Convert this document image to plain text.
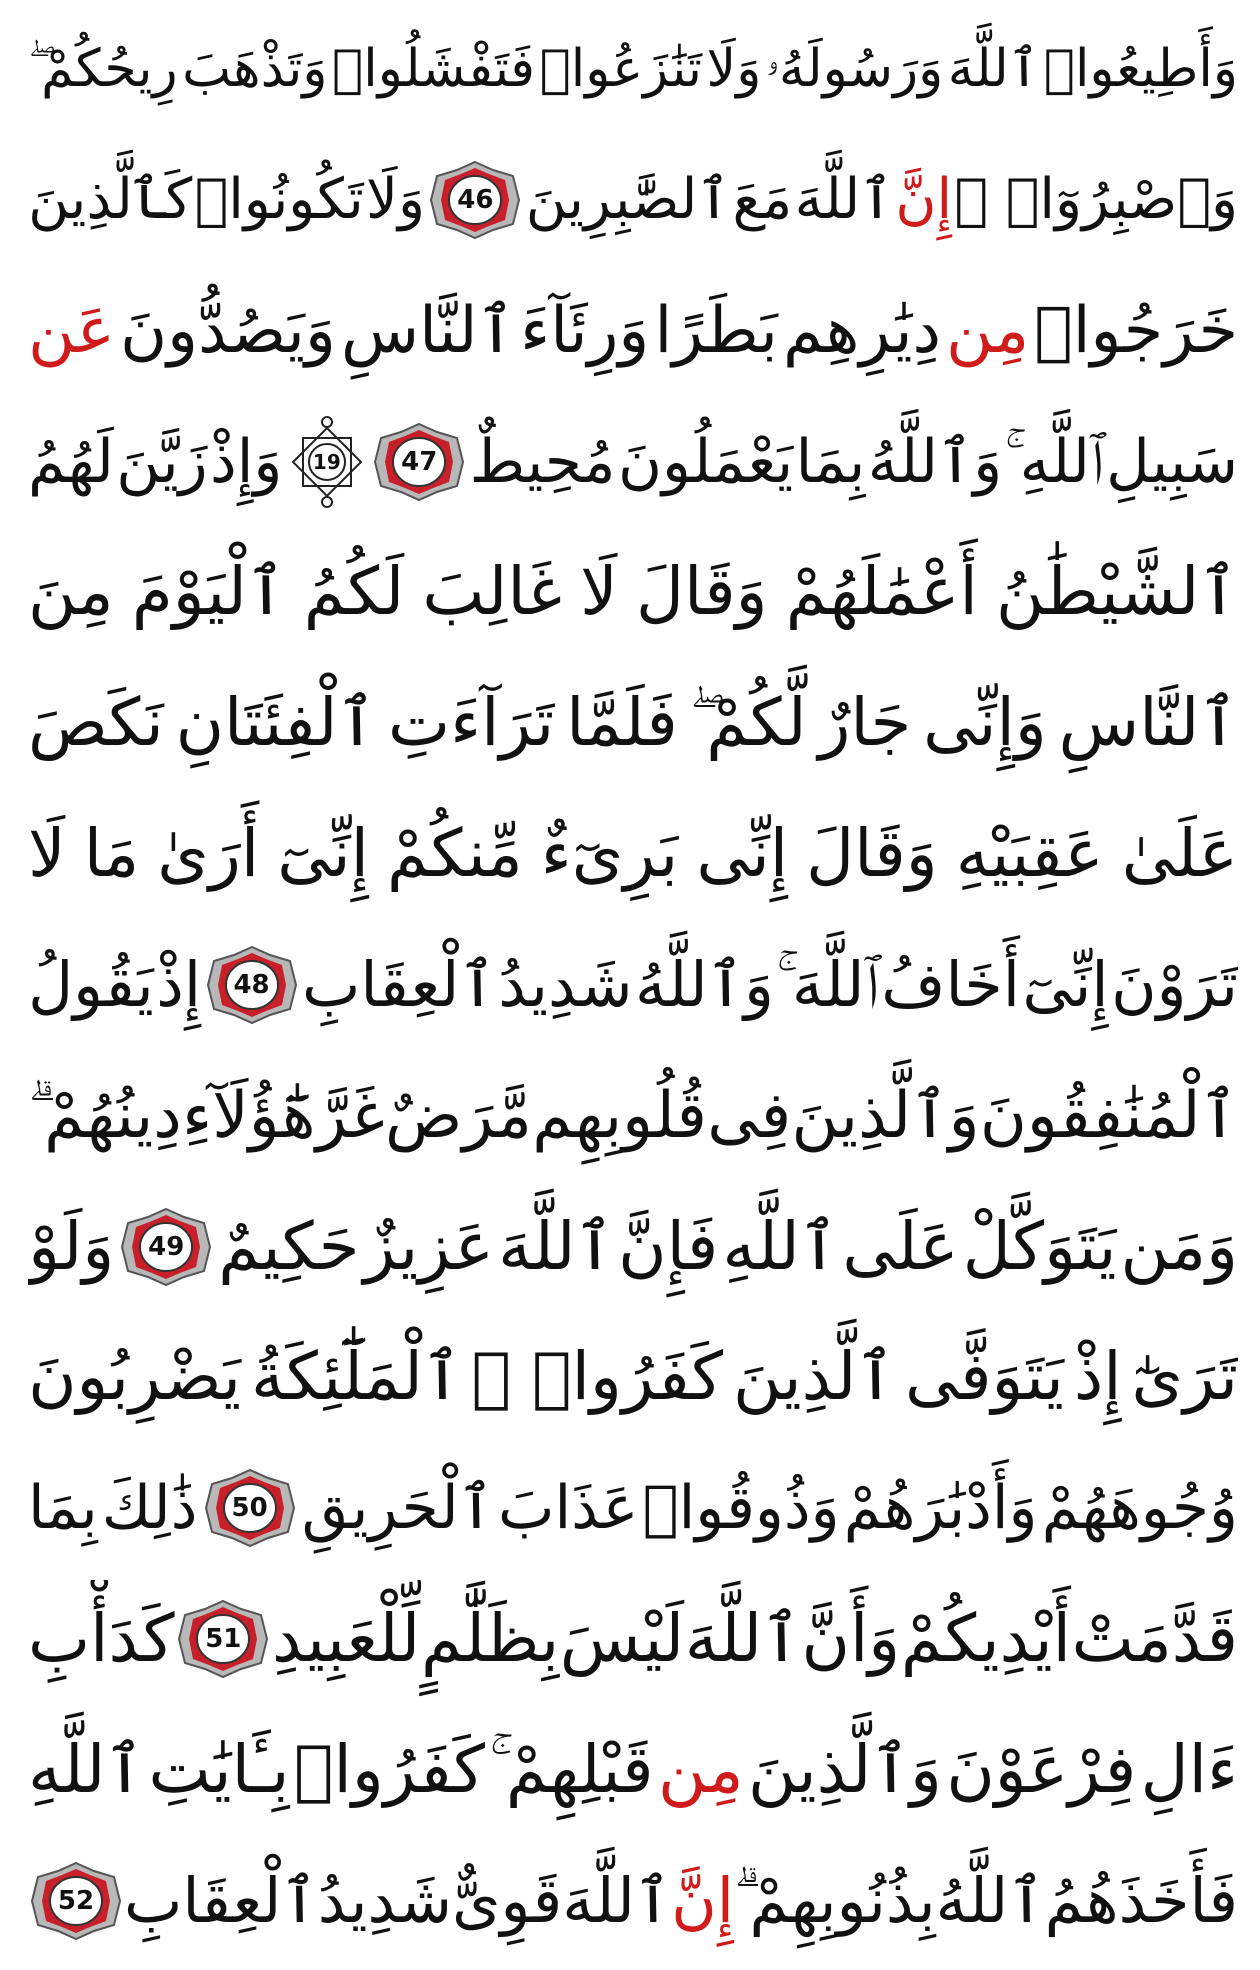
وَأَطِيعُوا۟
ٱللَّهَ
وَرَسُولَهُۥ
وَلَا
تَنَٰزَعُوا۟
فَتَفْشَلُوا۟
وَتَذْهَبَ
رِيحُكُمْ ۖ
وَٱصْبِرُوٓا۟ ۚ
إِنَّ
ٱللَّهَ
مَعَ
ٱلصَّٰبِرِينَ
46
وَلَا
تَكُونُوا۟
كَٱلَّذِينَ
خَرَجُوا۟
مِن
دِيَٰرِهِم
بَطَرًا
وَرِئَآءَ
ٱلنَّاسِ
وَيَصُدُّونَ
عَن
سَبِيلِ
ٱللَّهِ ۚ
وَٱللَّهُ
بِمَا
يَعْمَلُونَ
مُحِيطٌ
47
19
وَإِذْ
زَيَّنَ
لَهُمُ
ٱلشَّيْطَٰنُ
أَعْمَٰلَهُمْ
وَقَالَ
لَا
غَالِبَ
لَكُمُ
ٱلْيَوْمَ
مِنَ
ٱلنَّاسِ
وَإِنِّى
جَارٌ
لَّكُمْ ۖ
فَلَمَّا
تَرَآءَتِ
ٱلْفِئَتَانِ
نَكَصَ
عَلَىٰ
عَقِبَيْهِ
وَقَالَ
إِنِّى
بَرِىٓءٌ
مِّنكُمْ
إِنِّىٓ
أَرَىٰ
مَا
لَا
تَرَوْنَ
إِنِّىٓ
أَخَافُ
ٱللَّهَ ۚ
وَٱللَّهُ
شَدِيدُ
ٱلْعِقَابِ
48
إِذْ
يَقُولُ
ٱلْمُنَٰفِقُونَ
وَٱلَّذِينَ
فِى
قُلُوبِهِم
مَّرَضٌ
غَرَّ
هَٰٓؤُلَآءِ
دِينُهُمْ ۗ
وَمَن
يَتَوَكَّلْ
عَلَى
ٱللَّهِ
فَإِنَّ
ٱللَّهَ
عَزِيزٌ
حَكِيمٌ
49
وَلَوْ
تَرَىٰٓ
إِذْ
يَتَوَفَّى
ٱلَّذِينَ
كَفَرُوا۟ ۙ
ٱلْمَلَٰٓئِكَةُ
يَضْرِبُونَ
وُجُوهَهُمْ
وَأَدْبَٰرَهُمْ
وَذُوقُوا۟
عَذَابَ
ٱلْحَرِيقِ
50
ذَٰلِكَ
بِمَا
قَدَّمَتْ
أَيْدِيكُمْ
وَأَنَّ
ٱللَّهَ
لَيْسَ
بِظَلَّٰمٍ
لِّلْعَبِيدِ
51
كَدَأْبِ
ءَالِ
فِرْعَوْنَ
وَٱلَّذِينَ
مِن
قَبْلِهِمْ ۚ
كَفَرُوا۟
بِـَٔايَٰتِ
ٱللَّهِ
فَأَخَذَهُمُ
ٱللَّهُ
بِذُنُوبِهِمْ ۗ
إِنَّ
ٱللَّهَ
قَوِىٌّ
شَدِيدُ
ٱلْعِقَابِ
52
